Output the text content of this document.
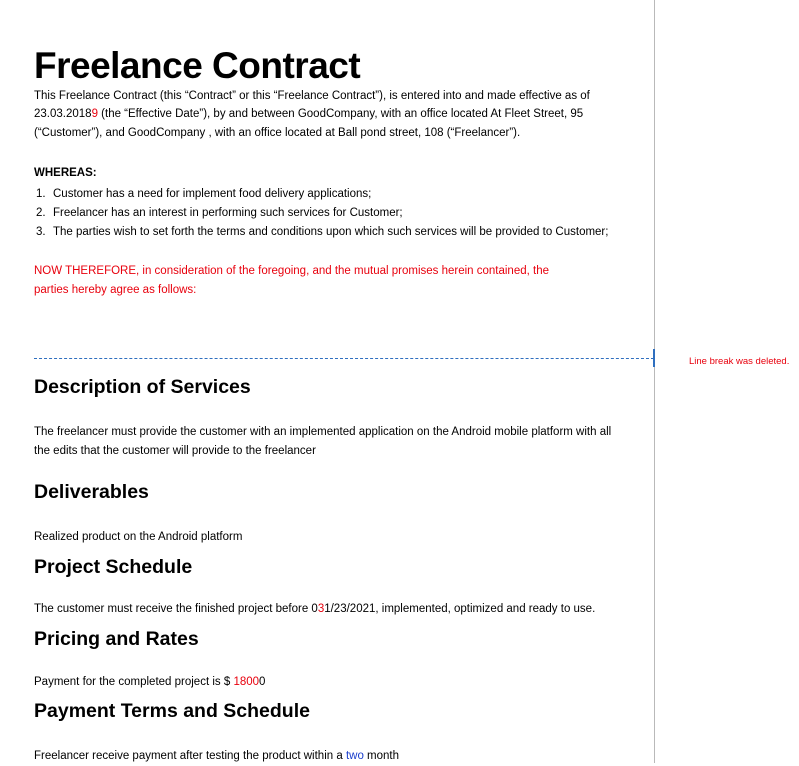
Freelance Contract

This Freelance Contract (this “Contract” or this “Freelance Contract”), is entered into and made effective as of 23.03.20189 (the “Effective Date”), by and between GoodCompany, with an office located At Fleet Street, 95 (“Customer”), and GoodCompany , with an office located at Ball pond street, 108 (“Freelancer”).

WHEREAS:
1. Customer has a need for implement food delivery applications;
2. Freelancer has an interest in performing such services for Customer;
3. The parties wish to set forth the terms and conditions upon which such services will be provided to Customer;

NOW THEREFORE, in consideration of the foregoing, and the mutual promises herein contained, the parties hereby agree as follows:

Description of Services

The freelancer must provide the customer with an implemented application on the Android mobile platform with all the edits that the customer will provide to the freelancer

Deliverables

Realized product on the Android platform

Project Schedule

The customer must receive the finished project before 031/23/2021, implemented, optimized and ready to use.

Pricing and Rates

Payment for the completed project is $ 18000

Payment Terms and Schedule

Freelancer receive payment after testing the product within a two month

Line break was deleted.
